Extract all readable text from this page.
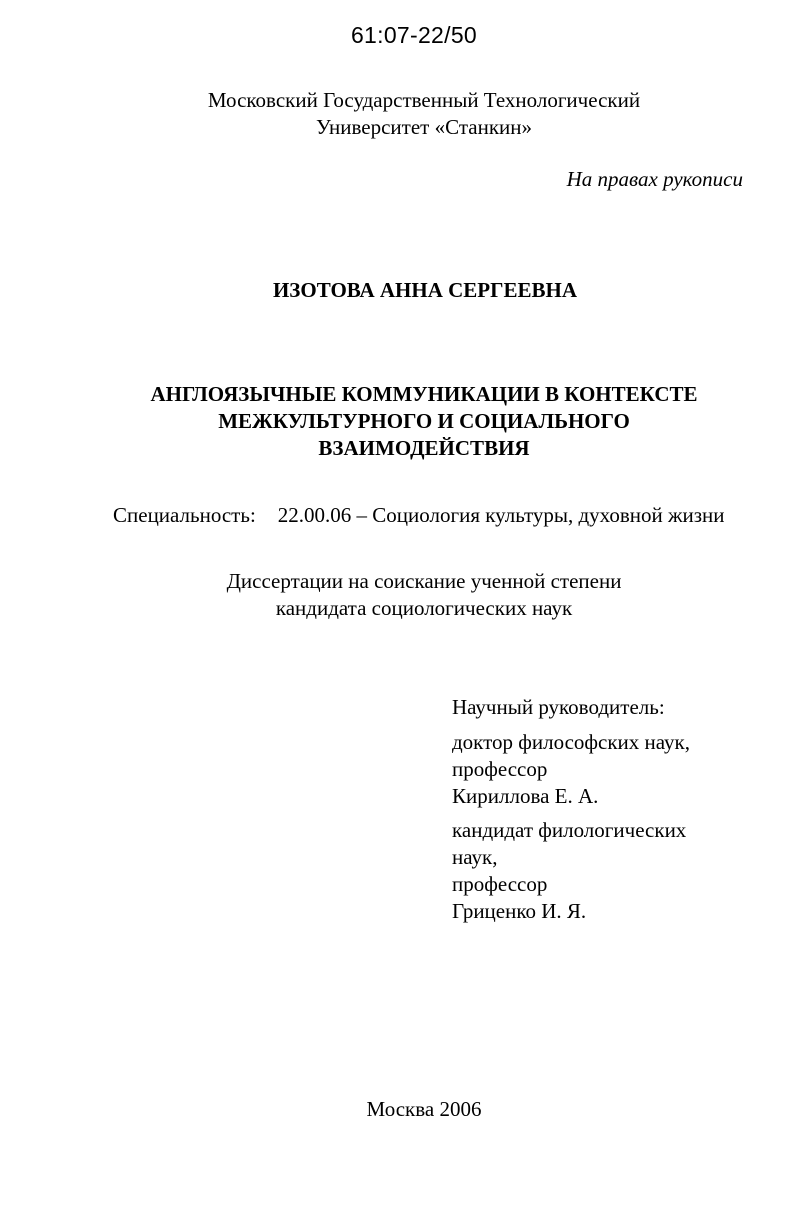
61:07-22/50
Московский Государственный Технологический
Университет «Станкин»
На правах рукописи
ИЗОТОВА АННА СЕРГЕЕВНА
АНГЛОЯЗЫЧНЫЕ КОММУНИКАЦИИ В КОНТЕКСТЕ
МЕЖКУЛЬТУРНОГО И СОЦИАЛЬНОГО
ВЗАИМОДЕЙСТВИЯ
Специальность: 22.00.06 – Социология культуры, духовной жизни
Диссертации на соискание ученной степени
кандидата социологических наук
Научный руководитель:
доктор философских наук,
профессор
Кириллова Е. А.
кандидат филологических
наук,
профессор
Гриценко И. Я.
Москва 2006
